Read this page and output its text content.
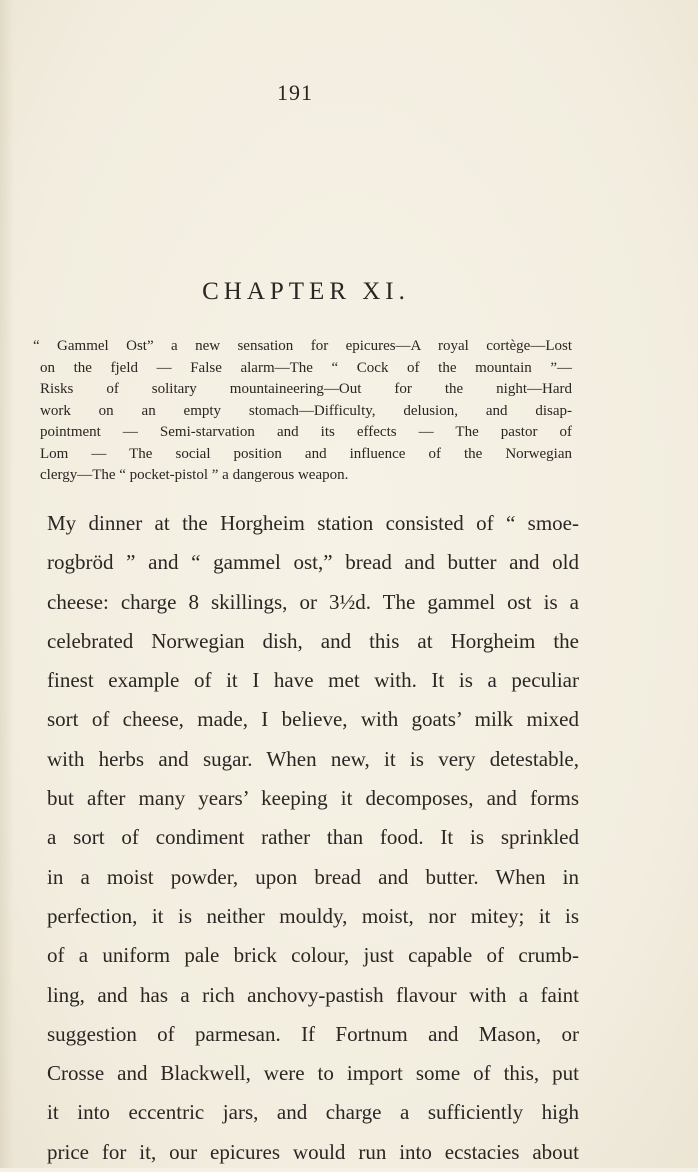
191
CHAPTER XI.
“ Gammel Ost” a new sensation for epicures—A royal cortège—Lost
on the fjeld — False alarm—The “ Cock of the mountain ”—
Risks of solitary mountaineering—Out for the night—Hard
work on an empty stomach—Difficulty, delusion, and disap-
pointment — Semi-starvation and its effects — The pastor of
Lom — The social position and influence of the Norwegian
clergy—The “ pocket-pistol ” a dangerous weapon.
My dinner at the Horgheim station consisted of “ smoe-
rogbröd ” and “ gammel ost,” bread and butter and old
cheese: charge 8 skillings, or 3½d. The gammel ost is a
celebrated Norwegian dish, and this at Horgheim the
finest example of it I have met with. It is a peculiar
sort of cheese, made, I believe, with goats’ milk mixed
with herbs and sugar. When new, it is very detestable,
but after many years’ keeping it decomposes, and forms
a sort of condiment rather than food. It is sprinkled
in a moist powder, upon bread and butter. When in
perfection, it is neither mouldy, moist, nor mitey; it is
of a uniform pale brick colour, just capable of crumb-
ling, and has a rich anchovy-pastish flavour with a faint
suggestion of parmesan. If Fortnum and Mason, or
Crosse and Blackwell, were to import some of this, put
it into eccentric jars, and charge a sufficiently high
price for it, our epicures would run into ecstacies about
